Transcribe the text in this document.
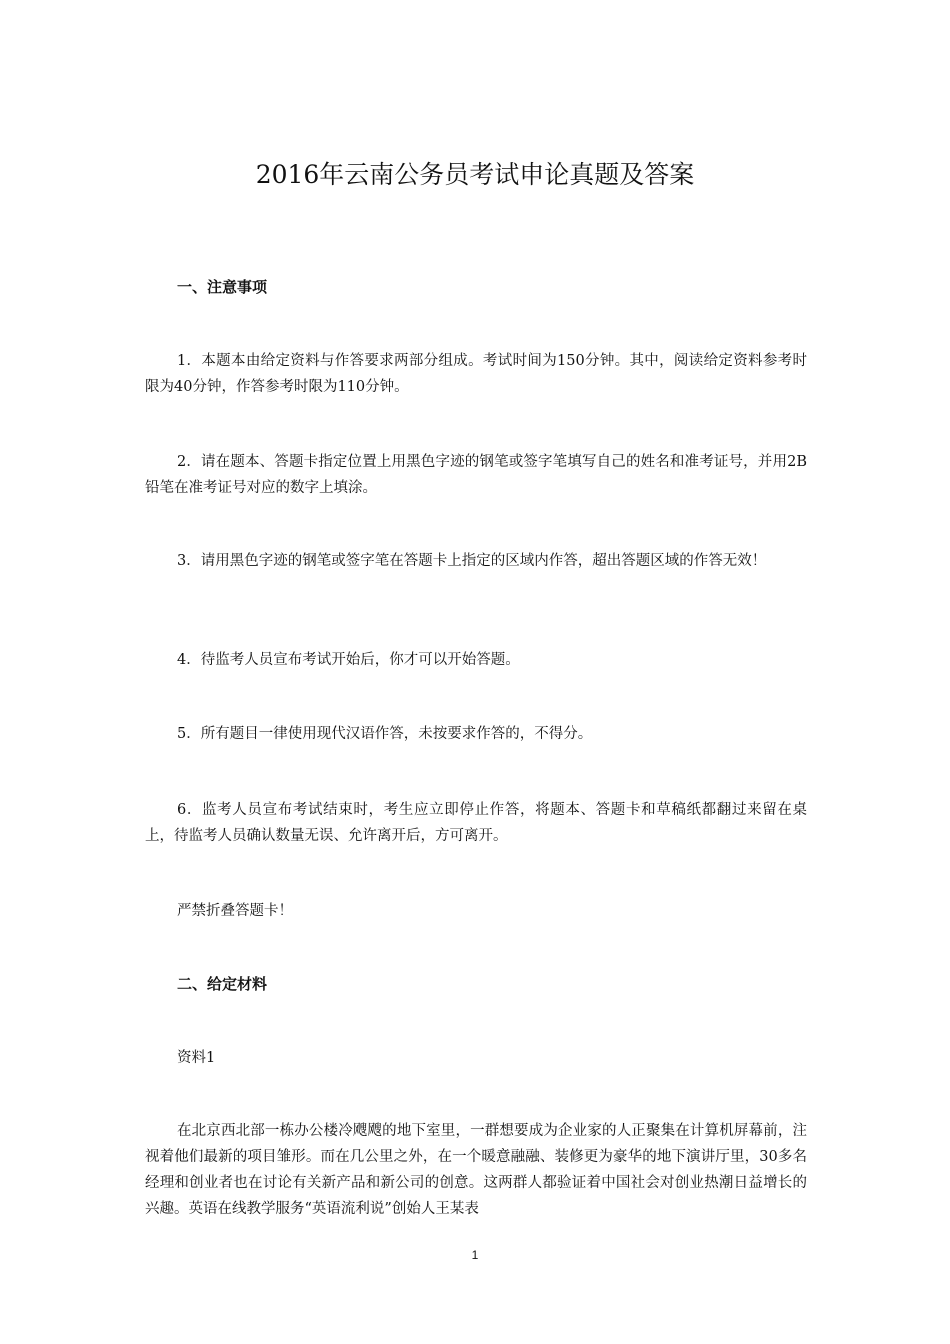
2016年云南公务员考试申论真题及答案
一、注意事项

1．本题本由给定资料与作答要求两部分组成。考试时间为150分钟。其中，阅读给定资料参考时限为40分钟，作答参考时限为110分钟。

2．请在题本、答题卡指定位置上用黑色字迹的钢笔或签字笔填写自己的姓名和准考证号，并用2B铅笔在准考证号对应的数字上填涂。

3．请用黑色字迹的钢笔或签字笔在答题卡上指定的区域内作答，超出答题区域的作答无效！

4．待监考人员宣布考试开始后，你才可以开始答题。

5．所有题目一律使用现代汉语作答，未按要求作答的，不得分。

6．监考人员宣布考试结束时，考生应立即停止作答，将题本、答题卡和草稿纸都翻过来留在桌上，待监考人员确认数量无误、允许离开后，方可离开。

严禁折叠答题卡！

二、给定材料

资料1

在北京西北部一栋办公楼冷飕飕的地下室里，一群想要成为企业家的人正聚集在计算机屏幕前，注视着他们最新的项目雏形。而在几公里之外，在一个暖意融融、装修更为豪华的地下演讲厅里，30多名经理和创业者也在讨论有关新产品和新公司的创意。这两群人都验证着中国社会对创业热潮日益增长的兴趣。英语在线教学服务“英语流利说”创始人王某表

1
